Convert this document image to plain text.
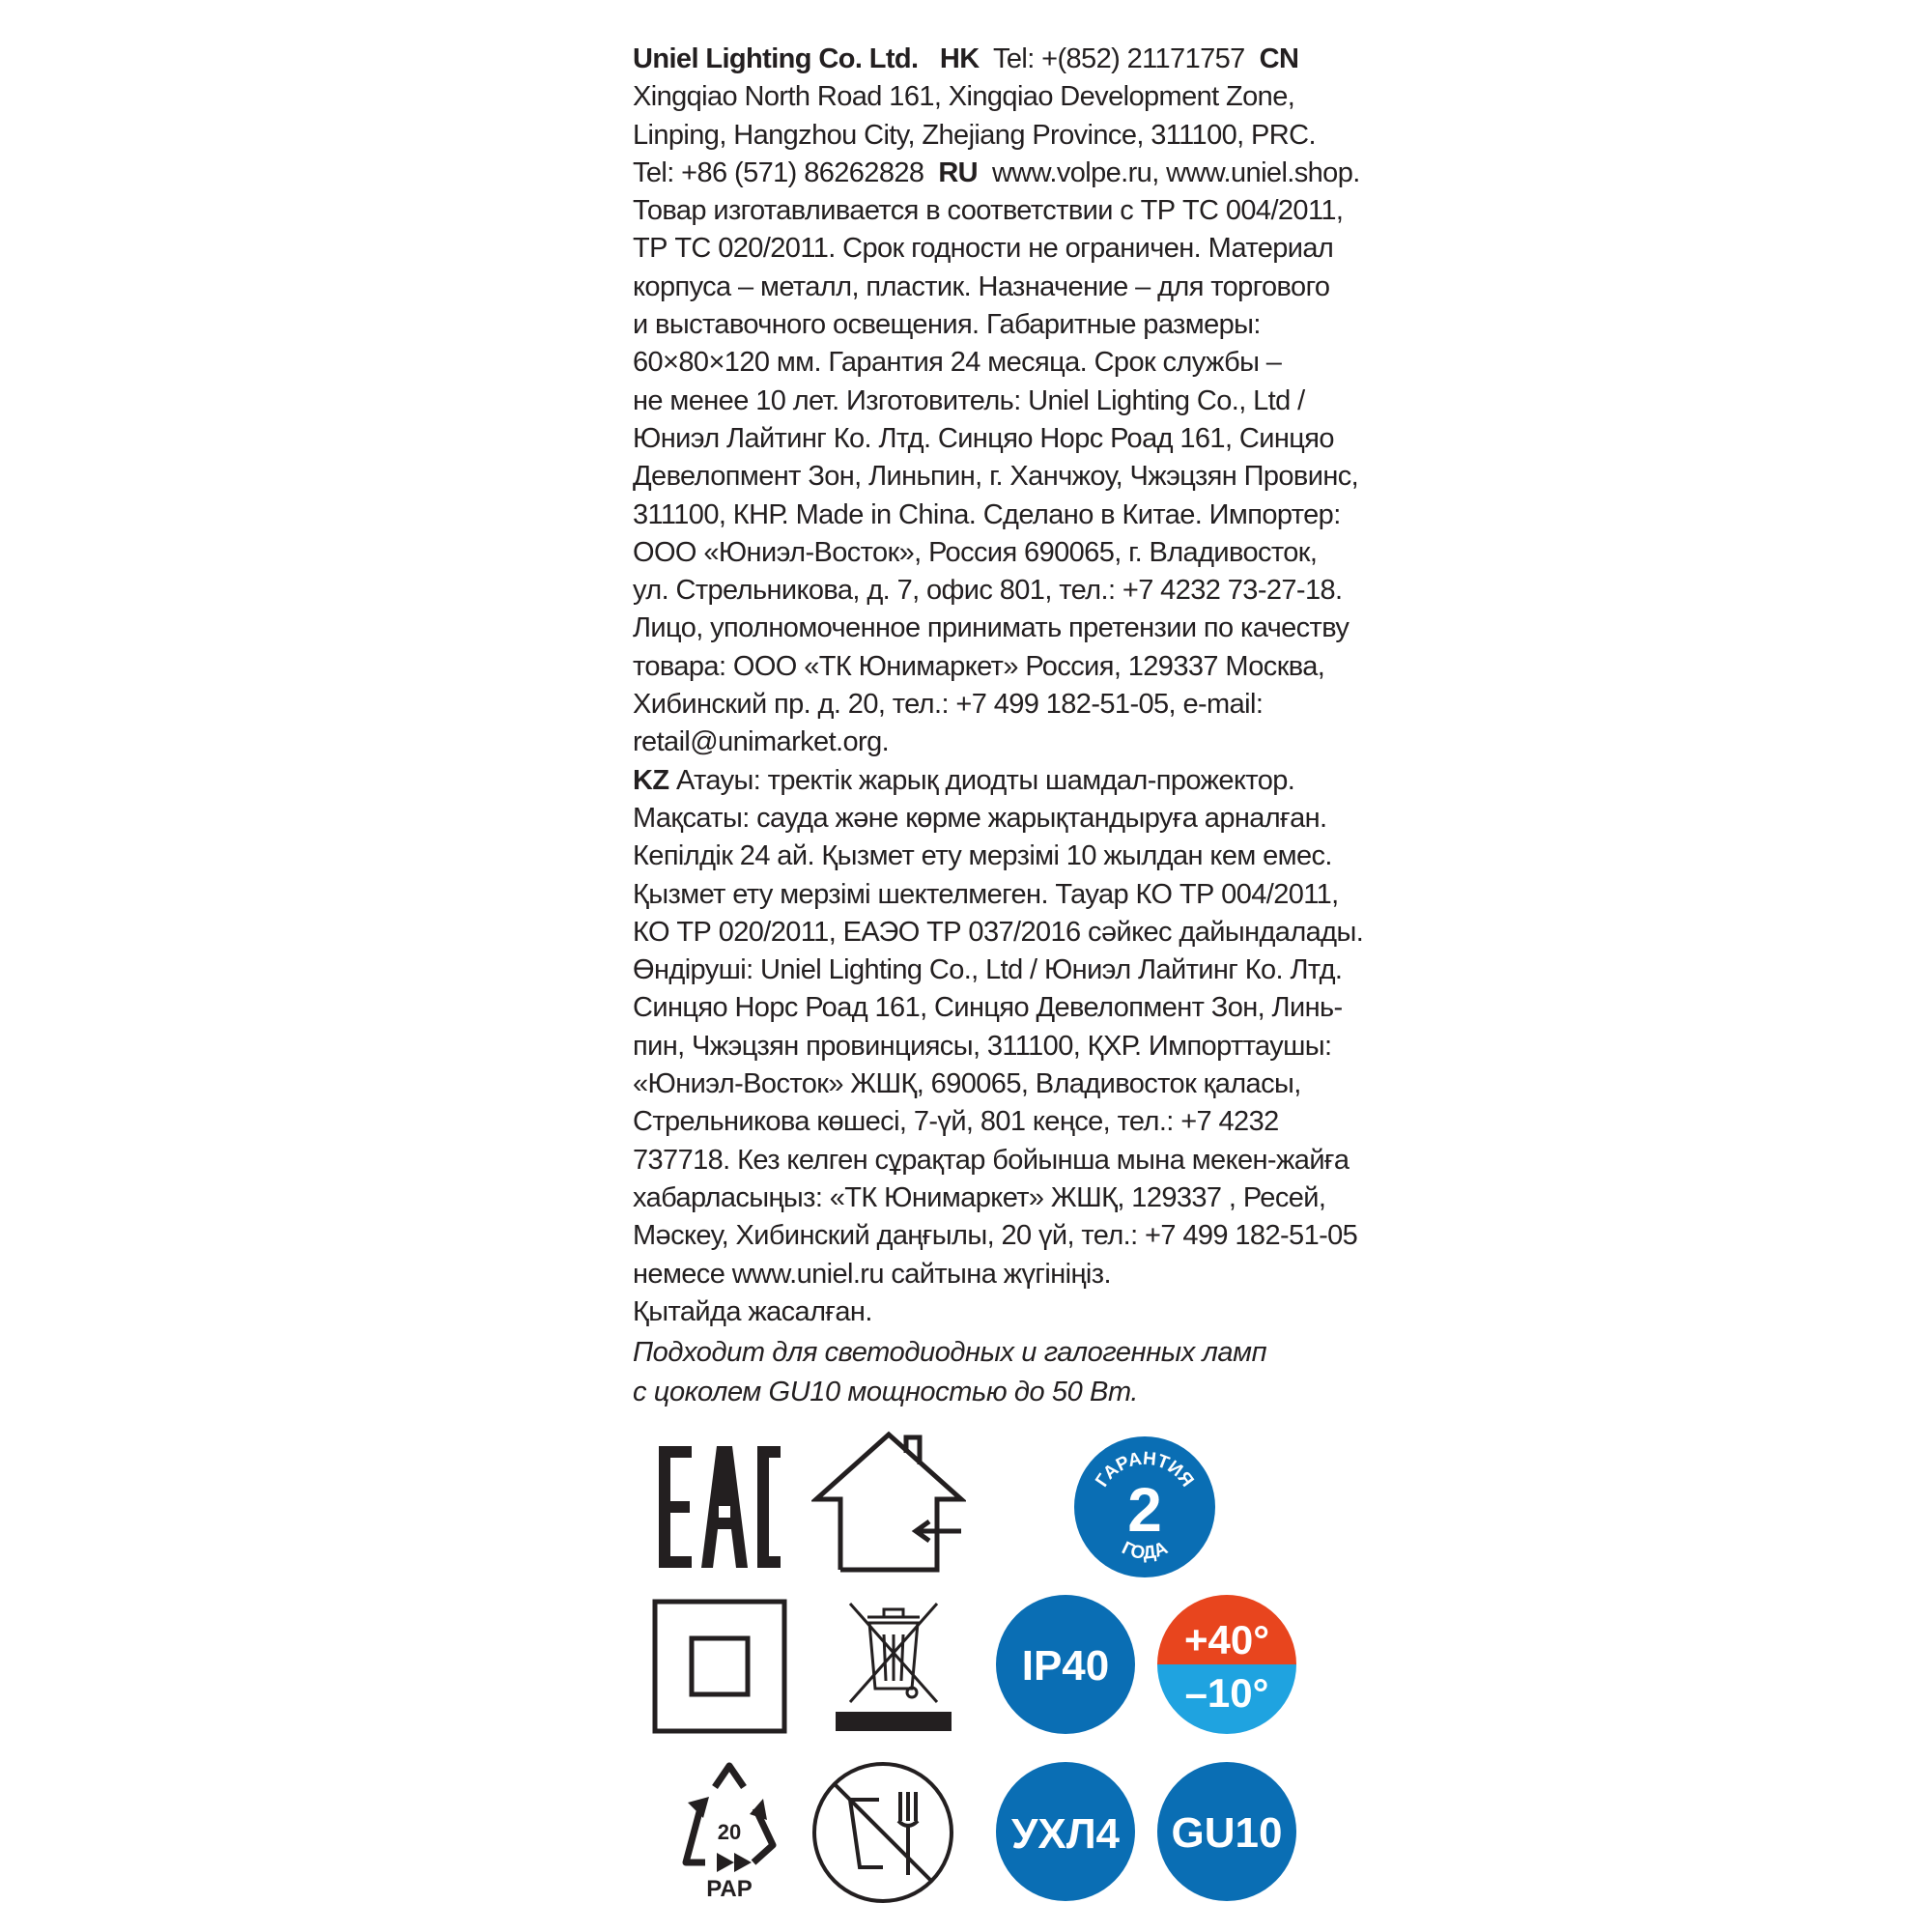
Uniel Lighting Co. Ltd. HK Tel: +(852) 21171757 CN
Xingqiao North Road 161, Xingqiao Development Zone,
Linping, Hangzhou City, Zhejiang Province, 311100, PRC.
Tel: +86 (571) 86262828 RU www.volpe.ru, www.uniel.shop.
Товар изготавливается в соответствии с ТР ТС 004/2011,
ТР ТС 020/2011. Срок годности не ограничен. Материал
корпуса – металл, пластик. Назначение – для торгового
и выставочного освещения. Габаритные размеры:
60×80×120 мм. Гарантия 24 месяца. Срок службы –
не менее 10 лет. Изготовитель: Uniel Lighting Co., Ltd /
Юниэл Лайтинг Ко. Лтд. Синцяо Норс Роад 161, Синцяо
Девелопмент Зон, Линьпин, г. Ханчжоу, Чжэцзян Провинс,
311100, КНР. Made in China. Сделано в Китае. Импортер:
ООО «Юниэл-Восток», Россия 690065, г. Владивосток,
ул. Стрельникова, д. 7, офис 801, тел.: +7 4232 73-27-18.
Лицо, уполномоченное принимать претензии по качеству
товара: ООО «ТК Юнимаркет» Россия, 129337 Москва,
Хибинский пр. д. 20, тел.: +7 499 182-51-05, e-mail:
retail@unimarket.org.
KZ Атауы: тректік жарық диодты шамдал-прожектор.
Мақсаты: сауда және көрме жарықтандыруға арналған.
Кепілдік 24 ай. Қызмет ету мерзімі 10 жылдан кем емес.
Қызмет ету мерзімі шектелмеген. Тауар КО ТР 004/2011,
КО ТР 020/2011, ЕАЭО ТР 037/2016 сәйкес дайындалады.
Өндіруші: Uniel Lighting Co., Ltd / Юниэл Лайтинг Ко. Лтд.
Синцяо Норс Роад 161, Синцяо Девелопмент Зон, Линь-
пин, Чжэцзян провинциясы, 311100, ҚХР. Импорттаушы:
«Юниэл-Восток» ЖШҚ, 690065, Владивосток қаласы,
Стрельникова көшесі, 7-үй, 801 кеңсе, тел.: +7 4232
737718. Кез келген сұрақтар бойынша мына мекен-жайға
хабарласыңыз: «ТК Юнимаркет» ЖШҚ, 129337 , Ресей,
Мәскеу, Хибинский даңғылы, 20 үй, тел.: +7 499 182-51-05
немесе www.uniel.ru сайтына жүгініңіз.
Қытайда жасалған.
Подходит для светодиодных и галогенных ламп
с цоколем GU10 мощностью до 50 Вт.
ГАРАНТИЯ
2
ГОДА
IP40
+40°
–10°
20
PAP
УХЛ4 GU10
